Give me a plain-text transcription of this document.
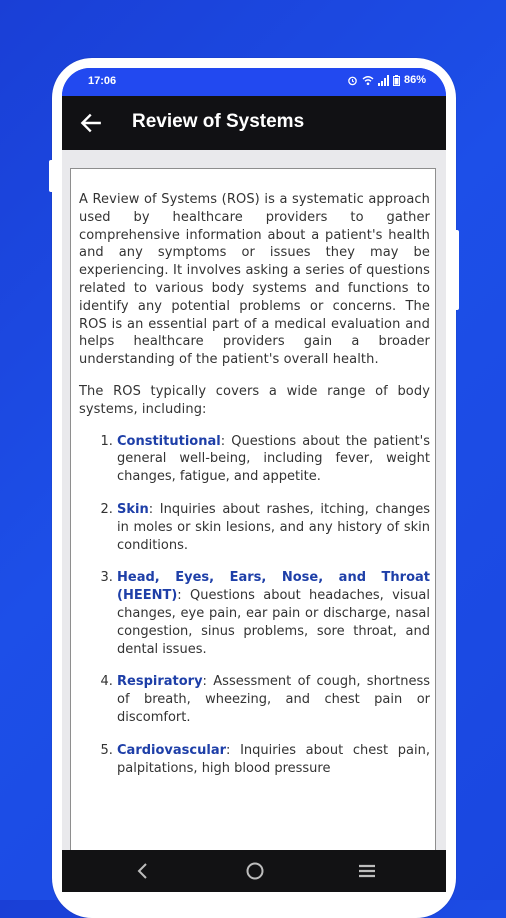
17:06	86%
Review of Systems

A Review of Systems (ROS) is a systematic approach used by healthcare providers to gather comprehensive information about a patient's health and any symptoms or issues they may be experiencing. It involves asking a series of questions related to various body systems and functions to identify any potential problems or concerns. The ROS is an essential part of a medical evaluation and helps healthcare providers gain a broader understanding of the patient's overall health.

The ROS typically covers a wide range of body systems, including:

1. Constitutional: Questions about the patient's general well-being, including fever, weight changes, fatigue, and appetite.
2. Skin: Inquiries about rashes, itching, changes in moles or skin lesions, and any history of skin conditions.
3. Head, Eyes, Ears, Nose, and Throat (HEENT): Questions about headaches, visual changes, eye pain, ear pain or discharge, nasal congestion, sinus problems, sore throat, and dental issues.
4. Respiratory: Assessment of cough, shortness of breath, wheezing, and chest pain or discomfort.
5. Cardiovascular: Inquiries about chest pain, palpitations, high blood pressure
